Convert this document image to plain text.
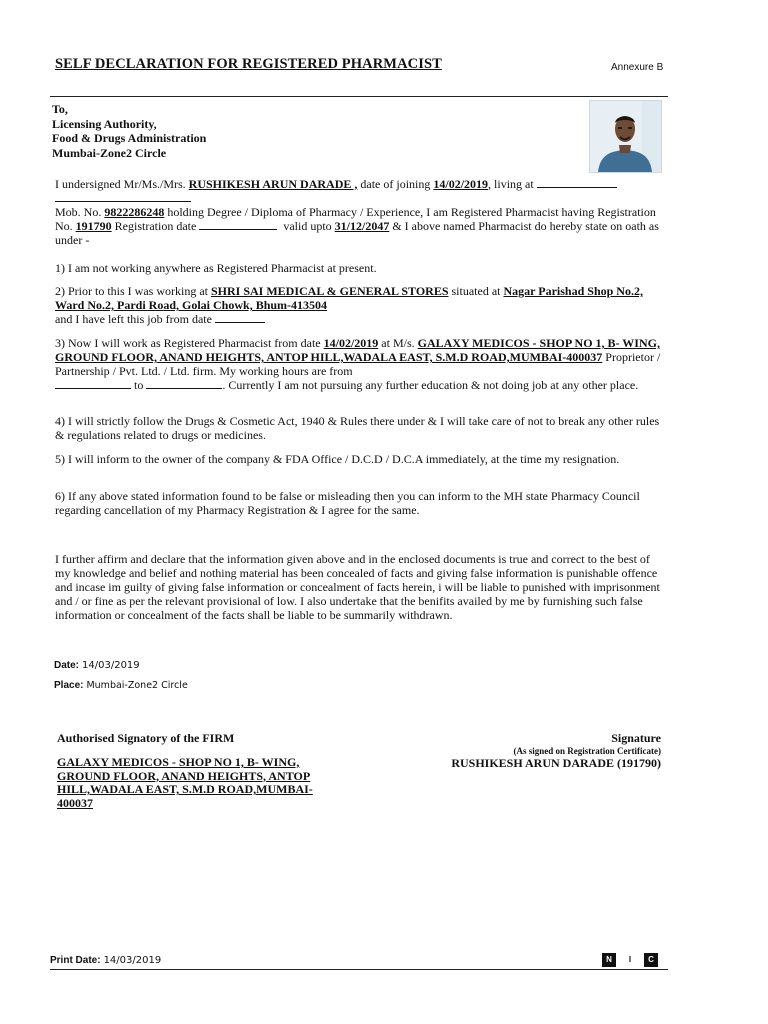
SELF DECLARATION FOR REGISTERED PHARMACIST	Annexure B
To,
Licensing Authority,
Food & Drugs Administration
Mumbai-Zone2 Circle
I undersigned Mr/Ms./Mrs. RUSHIKESH ARUN DARADE , date of joining 14/02/2019, living at

Mob. No. 9822286248 holding Degree / Diploma of Pharmacy / Experience, I am Registered Pharmacist having Registration No. 191790 Registration date	valid upto 31/12/2047 & I above named Pharmacist do hereby state on oath as under -
1) I am not working anywhere as Registered Pharmacist at present.
2) Prior to this I was working at SHRI SAI MEDICAL & GENERAL STORES situated at Nagar Parishad Shop No.2, Ward No.2, Pardi Road, Golai Chowk, Bhum-413504
and I have left this job from date
3) Now I will work as Registered Pharmacist from date 14/02/2019 at M/s. GALAXY MEDICOS - SHOP NO 1, B- WING, GROUND FLOOR, ANAND HEIGHTS, ANTOP HILL,WADALA EAST, S.M.D ROAD,MUMBAI-400037 Proprietor / Partnership / Pvt. Ltd. / Ltd. firm. My working hours are from
to	. Currently I am not pursuing any further education & not doing job at any other place.
4) I will strictly follow the Drugs & Cosmetic Act, 1940 & Rules there under & I will take care of not to break any other rules & regulations related to drugs or medicines.
5) I will inform to the owner of the company & FDA Office / D.C.D / D.C.A immediately, at the time my resignation.
6) If any above stated information found to be false or misleading then you can inform to the MH state Pharmacy Council regarding cancellation of my Pharmacy Registration & I agree for the same.
I further affirm and declare that the information given above and in the enclosed documents is true and correct to the best of my knowledge and belief and nothing material has been concealed of facts and giving false information is punishable offence and incase im guilty of giving false information or concealment of facts herein, i will be liable to punished with imprisonment and / or fine as per the relevant provisional of low. I also undertake that the benifits availed by me by furnishing such false information or concealment of the facts shall be liable to be summarily withdrawn.
Date: 14/03/2019
Place: Mumbai-Zone2 Circle
Authorised Signatory of the FIRM
GALAXY MEDICOS - SHOP NO 1, B- WING,
GROUND FLOOR, ANAND HEIGHTS, ANTOP
HILL,WADALA EAST, S.M.D ROAD,MUMBAI-
400037
Signature
(As signed on Registration Certificate)
RUSHIKESH ARUN DARADE (191790)
Print Date: 14/03/2019	N	I	C
